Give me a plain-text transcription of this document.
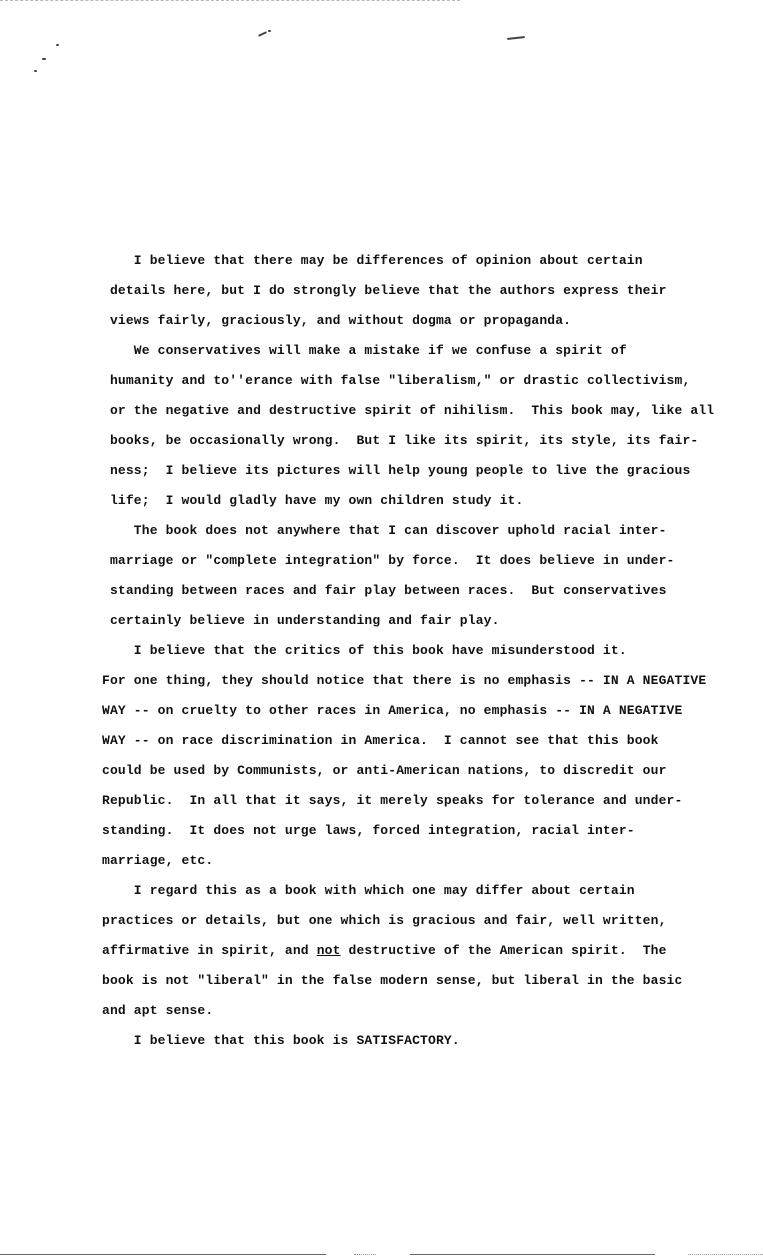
I believe that there may be differences of opinion about certain
details here, but I do strongly believe that the authors express their
views fairly, graciously, and without dogma or propaganda.
We conservatives will make a mistake if we confuse a spirit of
humanity and to''erance with false "liberalism," or drastic collectivism,
or the negative and destructive spirit of nihilism.  This book may, like all
books, be occasionally wrong.  But I like its spirit, its style, its fair-
ness;  I believe its pictures will help young people to live the gracious
life;  I would gladly have my own children study it.
The book does not anywhere that I can discover uphold racial inter-
marriage or "complete integration" by force.  It does believe in under-
standing between races and fair play between races.  But conservatives
certainly believe in understanding and fair play.
I believe that the critics of this book have misunderstood it.
For one thing, they should notice that there is no emphasis -- IN A NEGATIVE
WAY -- on cruelty to other races in America, no emphasis -- IN A NEGATIVE
WAY -- on race discrimination in America.  I cannot see that this book
could be used by Communists, or anti-American nations, to discredit our
Republic.  In all that it says, it merely speaks for tolerance and under-
standing.  It does not urge laws, forced integration, racial inter-
marriage, etc.
I regard this as a book with which one may differ about certain
practices or details, but one which is gracious and fair, well written,
affirmative in spirit, and not destructive of the American spirit.  The
book is not "liberal" in the false modern sense, but liberal in the basic
and apt sense.
I believe that this book is SATISFACTORY.
